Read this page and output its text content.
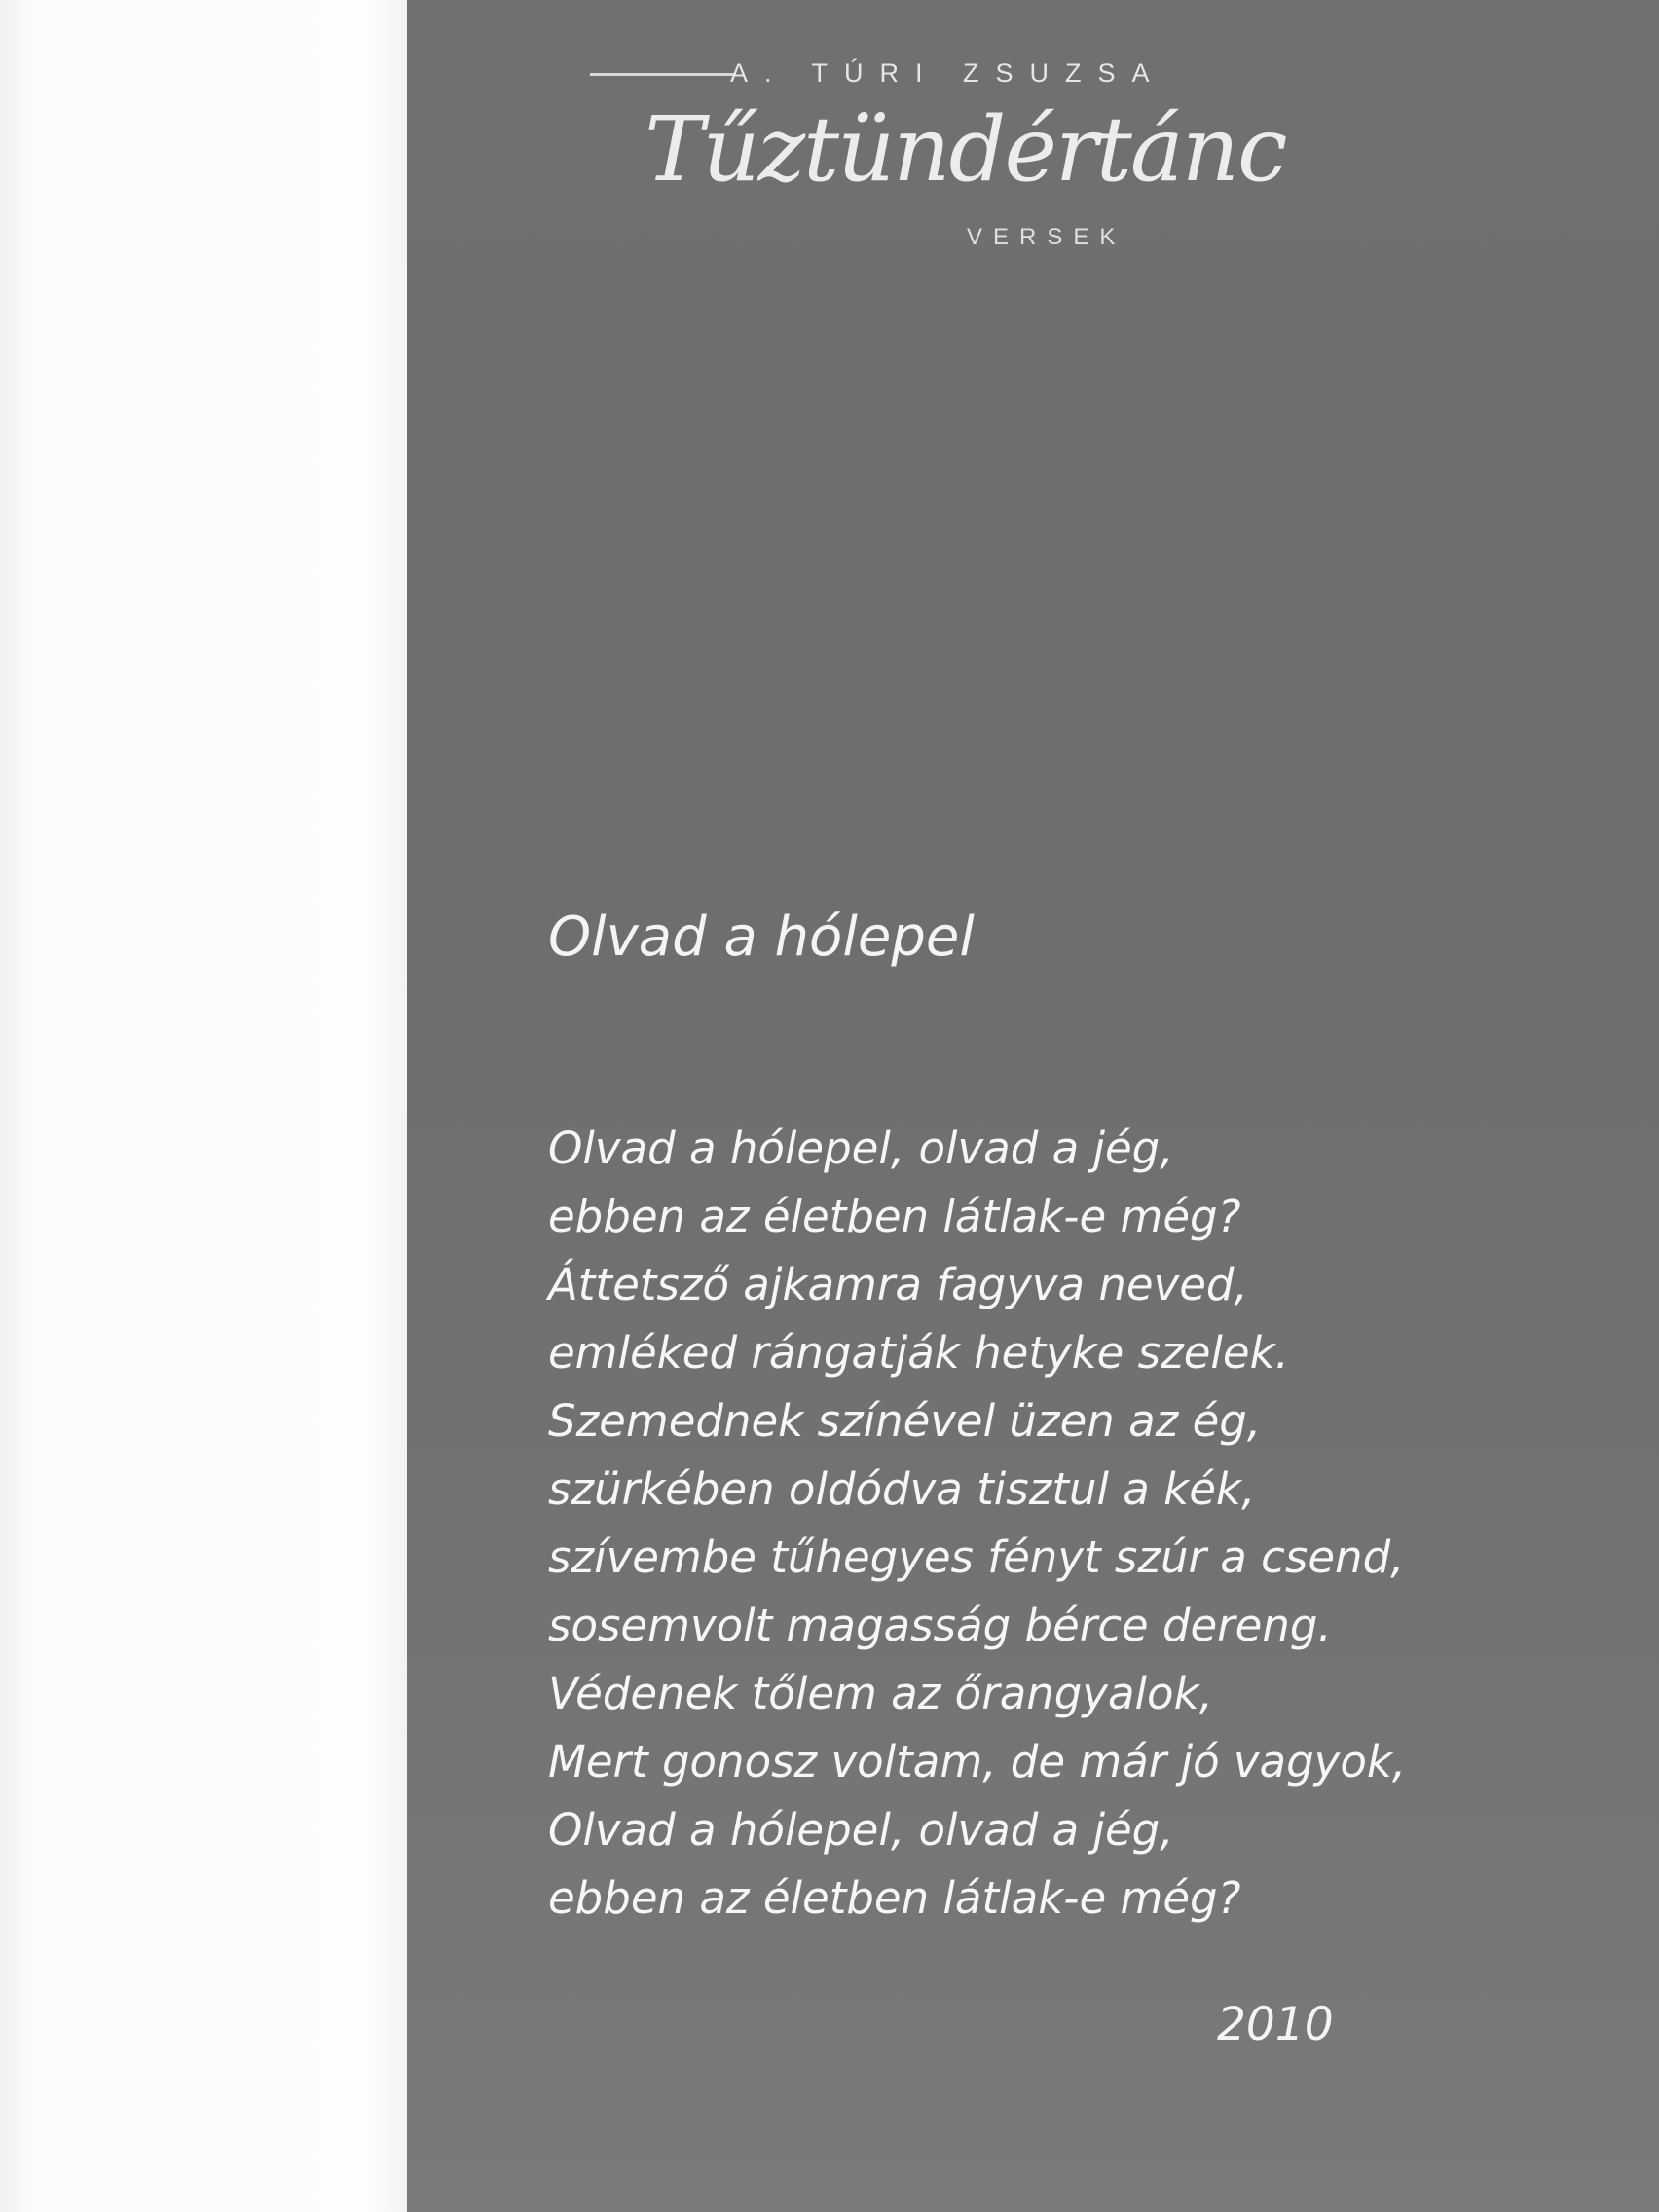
A. TÚRI ZSUZSA
Tűztündértánc
VERSEK
Olvad a hólepel
Olvad a hólepel, olvad a jég,
ebben az életben látlak-e még?
Áttetsző ajkamra fagyva neved,
emléked rángatják hetyke szelek.
Szemednek színével üzen az ég,
szürkében oldódva tisztul a kék,
szívembe tűhegyes fényt szúr a csend,
sosemvolt magasság bérce dereng.
Védenek tőlem az őrangyalok,
Mert gonosz voltam, de már jó vagyok,
Olvad a hólepel, olvad a jég,
ebben az életben látlak-e még?
2010
